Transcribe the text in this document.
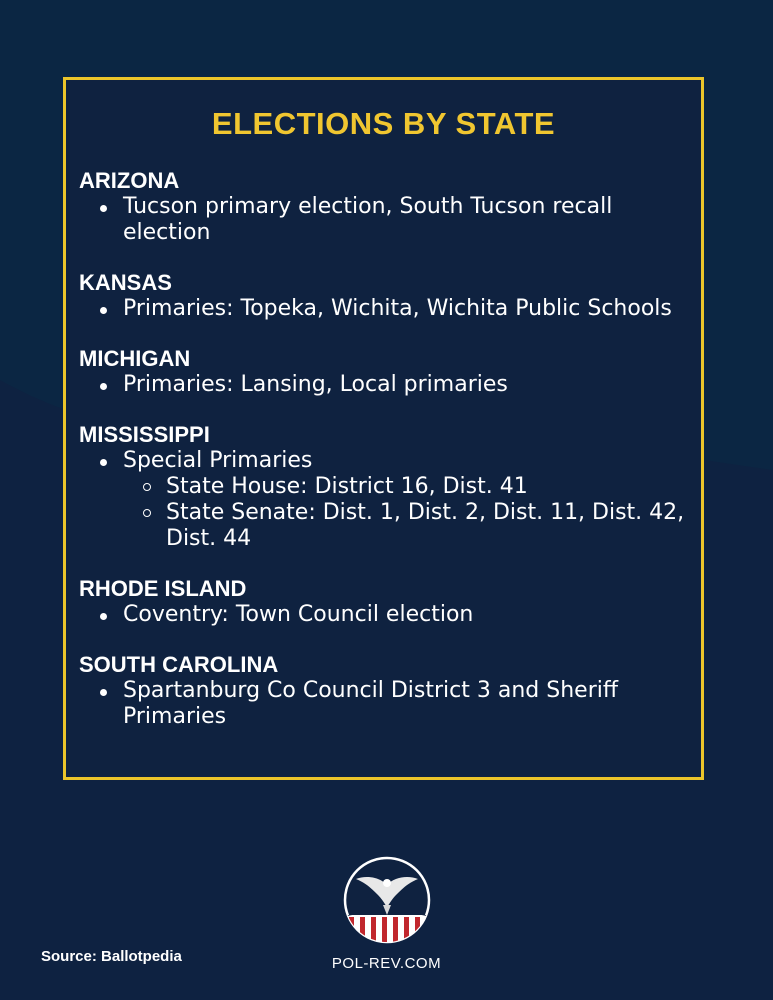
ELECTIONS BY STATE
ARIZONA
Tucson primary election, South Tucson recall election
KANSAS
Primaries: Topeka, Wichita, Wichita Public Schools
MICHIGAN
Primaries: Lansing, Local primaries
MISSISSIPPI
Special Primaries
State House: District 16, Dist. 41
State Senate: Dist. 1, Dist. 2, Dist. 11, Dist. 42, Dist. 44
RHODE ISLAND
Coventry: Town Council election
SOUTH CAROLINA
Spartanburg Co Council District 3 and Sheriff Primaries
Source: Ballotpedia	POL-REV.COM
